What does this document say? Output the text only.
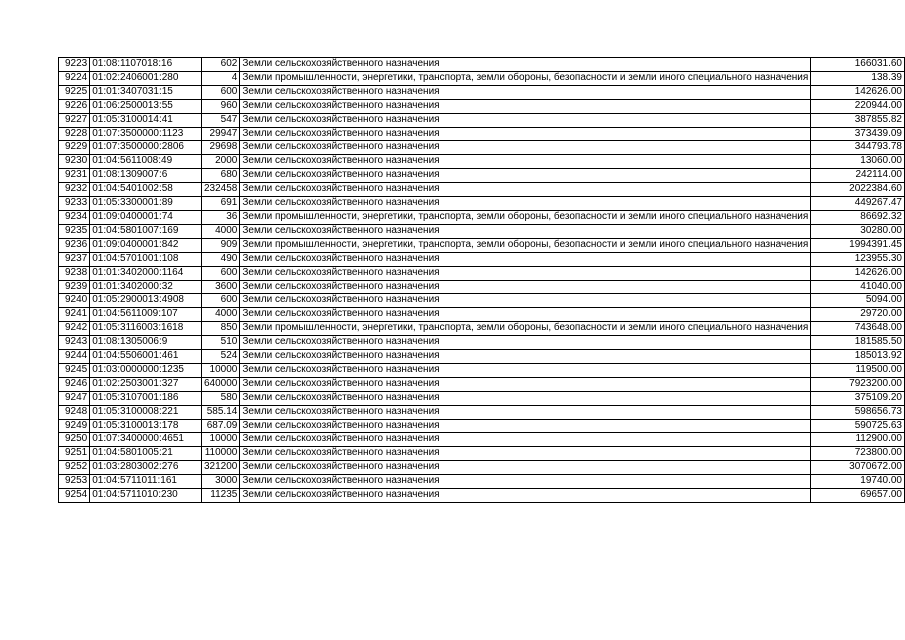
9223	01:08:1107018:16	602	Земли сельскохозяйственного назначения	166031.60
9224	01:02:2406001:280	4	Земли промышленности, энергетики, транспорта, земли обороны, безопасности и земли иного специального назначения	138.39
9225	01:01:3407031:15	600	Земли сельскохозяйственного назначения	142626.00
9226	01:06:2500013:55	960	Земли сельскохозяйственного назначения	220944.00
9227	01:05:3100014:41	547	Земли сельскохозяйственного назначения	387855.82
9228	01:07:3500000:1123	29947	Земли сельскохозяйственного назначения	373439.09
9229	01:07:3500000:2806	29698	Земли сельскохозяйственного назначения	344793.78
9230	01:04:5611008:49	2000	Земли сельскохозяйственного назначения	13060.00
9231	01:08:1309007:6	680	Земли сельскохозяйственного назначения	242114.00
9232	01:04:5401002:58	232458	Земли сельскохозяйственного назначения	2022384.60
9233	01:05:3300001:89	691	Земли сельскохозяйственного назначения	449267.47
9234	01:09:0400001:74	36	Земли промышленности, энергетики, транспорта, земли обороны, безопасности и земли иного специального назначения	86692.32
9235	01:04:5801007:169	4000	Земли сельскохозяйственного назначения	30280.00
9236	01:09:0400001:842	909	Земли промышленности, энергетики, транспорта, земли обороны, безопасности и земли иного специального назначения	1994391.45
9237	01:04:5701001:108	490	Земли сельскохозяйственного назначения	123955.30
9238	01:01:3402000:1164	600	Земли сельскохозяйственного назначения	142626.00
9239	01:01:3402000:32	3600	Земли сельскохозяйственного назначения	41040.00
9240	01:05:2900013:4908	600	Земли сельскохозяйственного назначения	5094.00
9241	01:04:5611009:107	4000	Земли сельскохозяйственного назначения	29720.00
9242	01:05:3116003:1618	850	Земли промышленности, энергетики, транспорта, земли обороны, безопасности и земли иного специального назначения	743648.00
9243	01:08:1305006:9	510	Земли сельскохозяйственного назначения	181585.50
9244	01:04:5506001:461	524	Земли сельскохозяйственного назначения	185013.92
9245	01:03:0000000:1235	10000	Земли сельскохозяйственного назначения	119500.00
9246	01:02:2503001:327	640000	Земли сельскохозяйственного назначения	7923200.00
9247	01:05:3107001:186	580	Земли сельскохозяйственного назначения	375109.20
9248	01:05:3100008:221	585.14	Земли сельскохозяйственного назначения	598656.73
9249	01:05:3100013:178	687.09	Земли сельскохозяйственного назначения	590725.63
9250	01:07:3400000:4651	10000	Земли сельскохозяйственного назначения	112900.00
9251	01:04:5801005:21	110000	Земли сельскохозяйственного назначения	723800.00
9252	01:03:2803002:276	321200	Земли сельскохозяйственного назначения	3070672.00
9253	01:04:5711011:161	3000	Земли сельскохозяйственного назначения	19740.00
9254	01:04:5711010:230	11235	Земли сельскохозяйственного назначения	69657.00
